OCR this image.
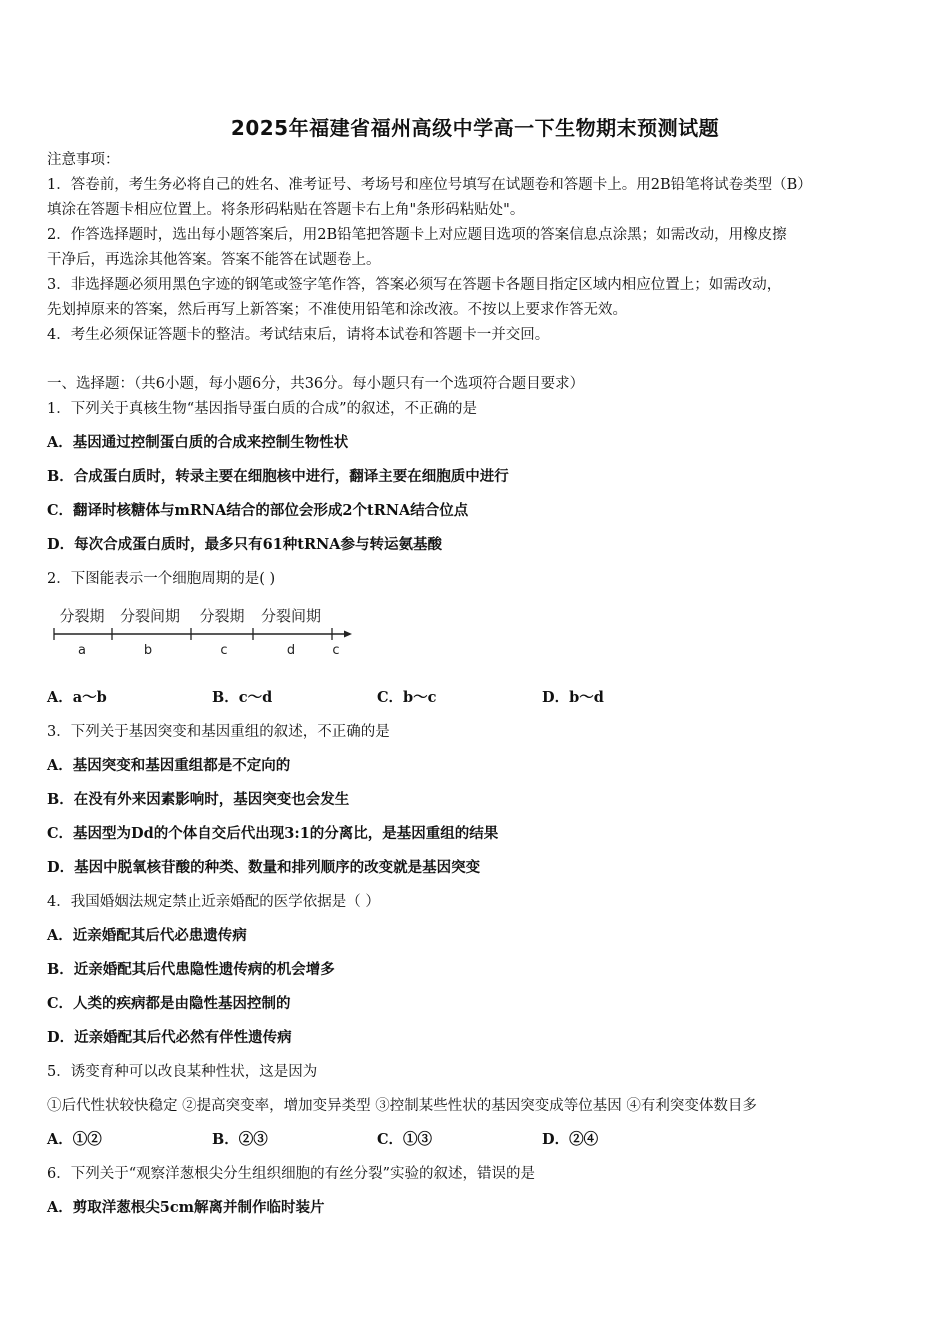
2025年福建省福州高级中学高一下生物期末预测试题
注意事项：
1．答卷前，考生务必将自己的姓名、准考证号、考场号和座位号填写在试题卷和答题卡上。用2B铅笔将试卷类型（B）
填涂在答题卡相应位置上。将条形码粘贴在答题卡右上角"条形码粘贴处"。
2．作答选择题时，选出每小题答案后，用2B铅笔把答题卡上对应题目选项的答案信息点涂黑；如需改动，用橡皮擦
干净后，再选涂其他答案。答案不能答在试题卷上。
3．非选择题必须用黑色字迹的钢笔或签字笔作答，答案必须写在答题卡各题目指定区域内相应位置上；如需改动，
先划掉原来的答案，然后再写上新答案；不准使用铅笔和涂改液。不按以上要求作答无效。
4．考生必须保证答题卡的整洁。考试结束后，请将本试卷和答题卡一并交回。
一、选择题：（共6小题，每小题6分，共36分。每小题只有一个选项符合题目要求）
1．下列关于真核生物“基因指导蛋白质的合成”的叙述，不正确的是
A．基因通过控制蛋白质的合成来控制生物性状
B．合成蛋白质时，转录主要在细胞核中进行，翻译主要在细胞质中进行
C．翻译时核糖体与mRNA结合的部位会形成2个tRNA结合位点
D．每次合成蛋白质时，最多只有61种tRNA参与转运氨基酸
2．下图能表示一个细胞周期的是( )
分裂期 分裂间期 分裂期 分裂间期
a	b	c	d	c
A．a～b	B．c～d	C．b～c	D．b～d
3．下列关于基因突变和基因重组的叙述，不正确的是
A．基因突变和基因重组都是不定向的
B．在没有外来因素影响时，基因突变也会发生
C．基因型为Dd的个体自交后代出现3:1的分离比，是基因重组的结果
D．基因中脱氧核苷酸的种类、数量和排列顺序的改变就是基因突变
4．我国婚姻法规定禁止近亲婚配的医学依据是（ ）
A．近亲婚配其后代必患遗传病
B．近亲婚配其后代患隐性遗传病的机会增多
C．人类的疾病都是由隐性基因控制的
D．近亲婚配其后代必然有伴性遗传病
5．诱变育种可以改良某种性状，这是因为
①后代性状较快稳定 ②提高突变率，增加变异类型 ③控制某些性状的基因突变成等位基因 ④有利突变体数目多
A．①②	B．②③	C．①③	D．②④
6．下列关于“观察洋葱根尖分生组织细胞的有丝分裂”实验的叙述，错误的是
A．剪取洋葱根尖5cm解离并制作临时装片
